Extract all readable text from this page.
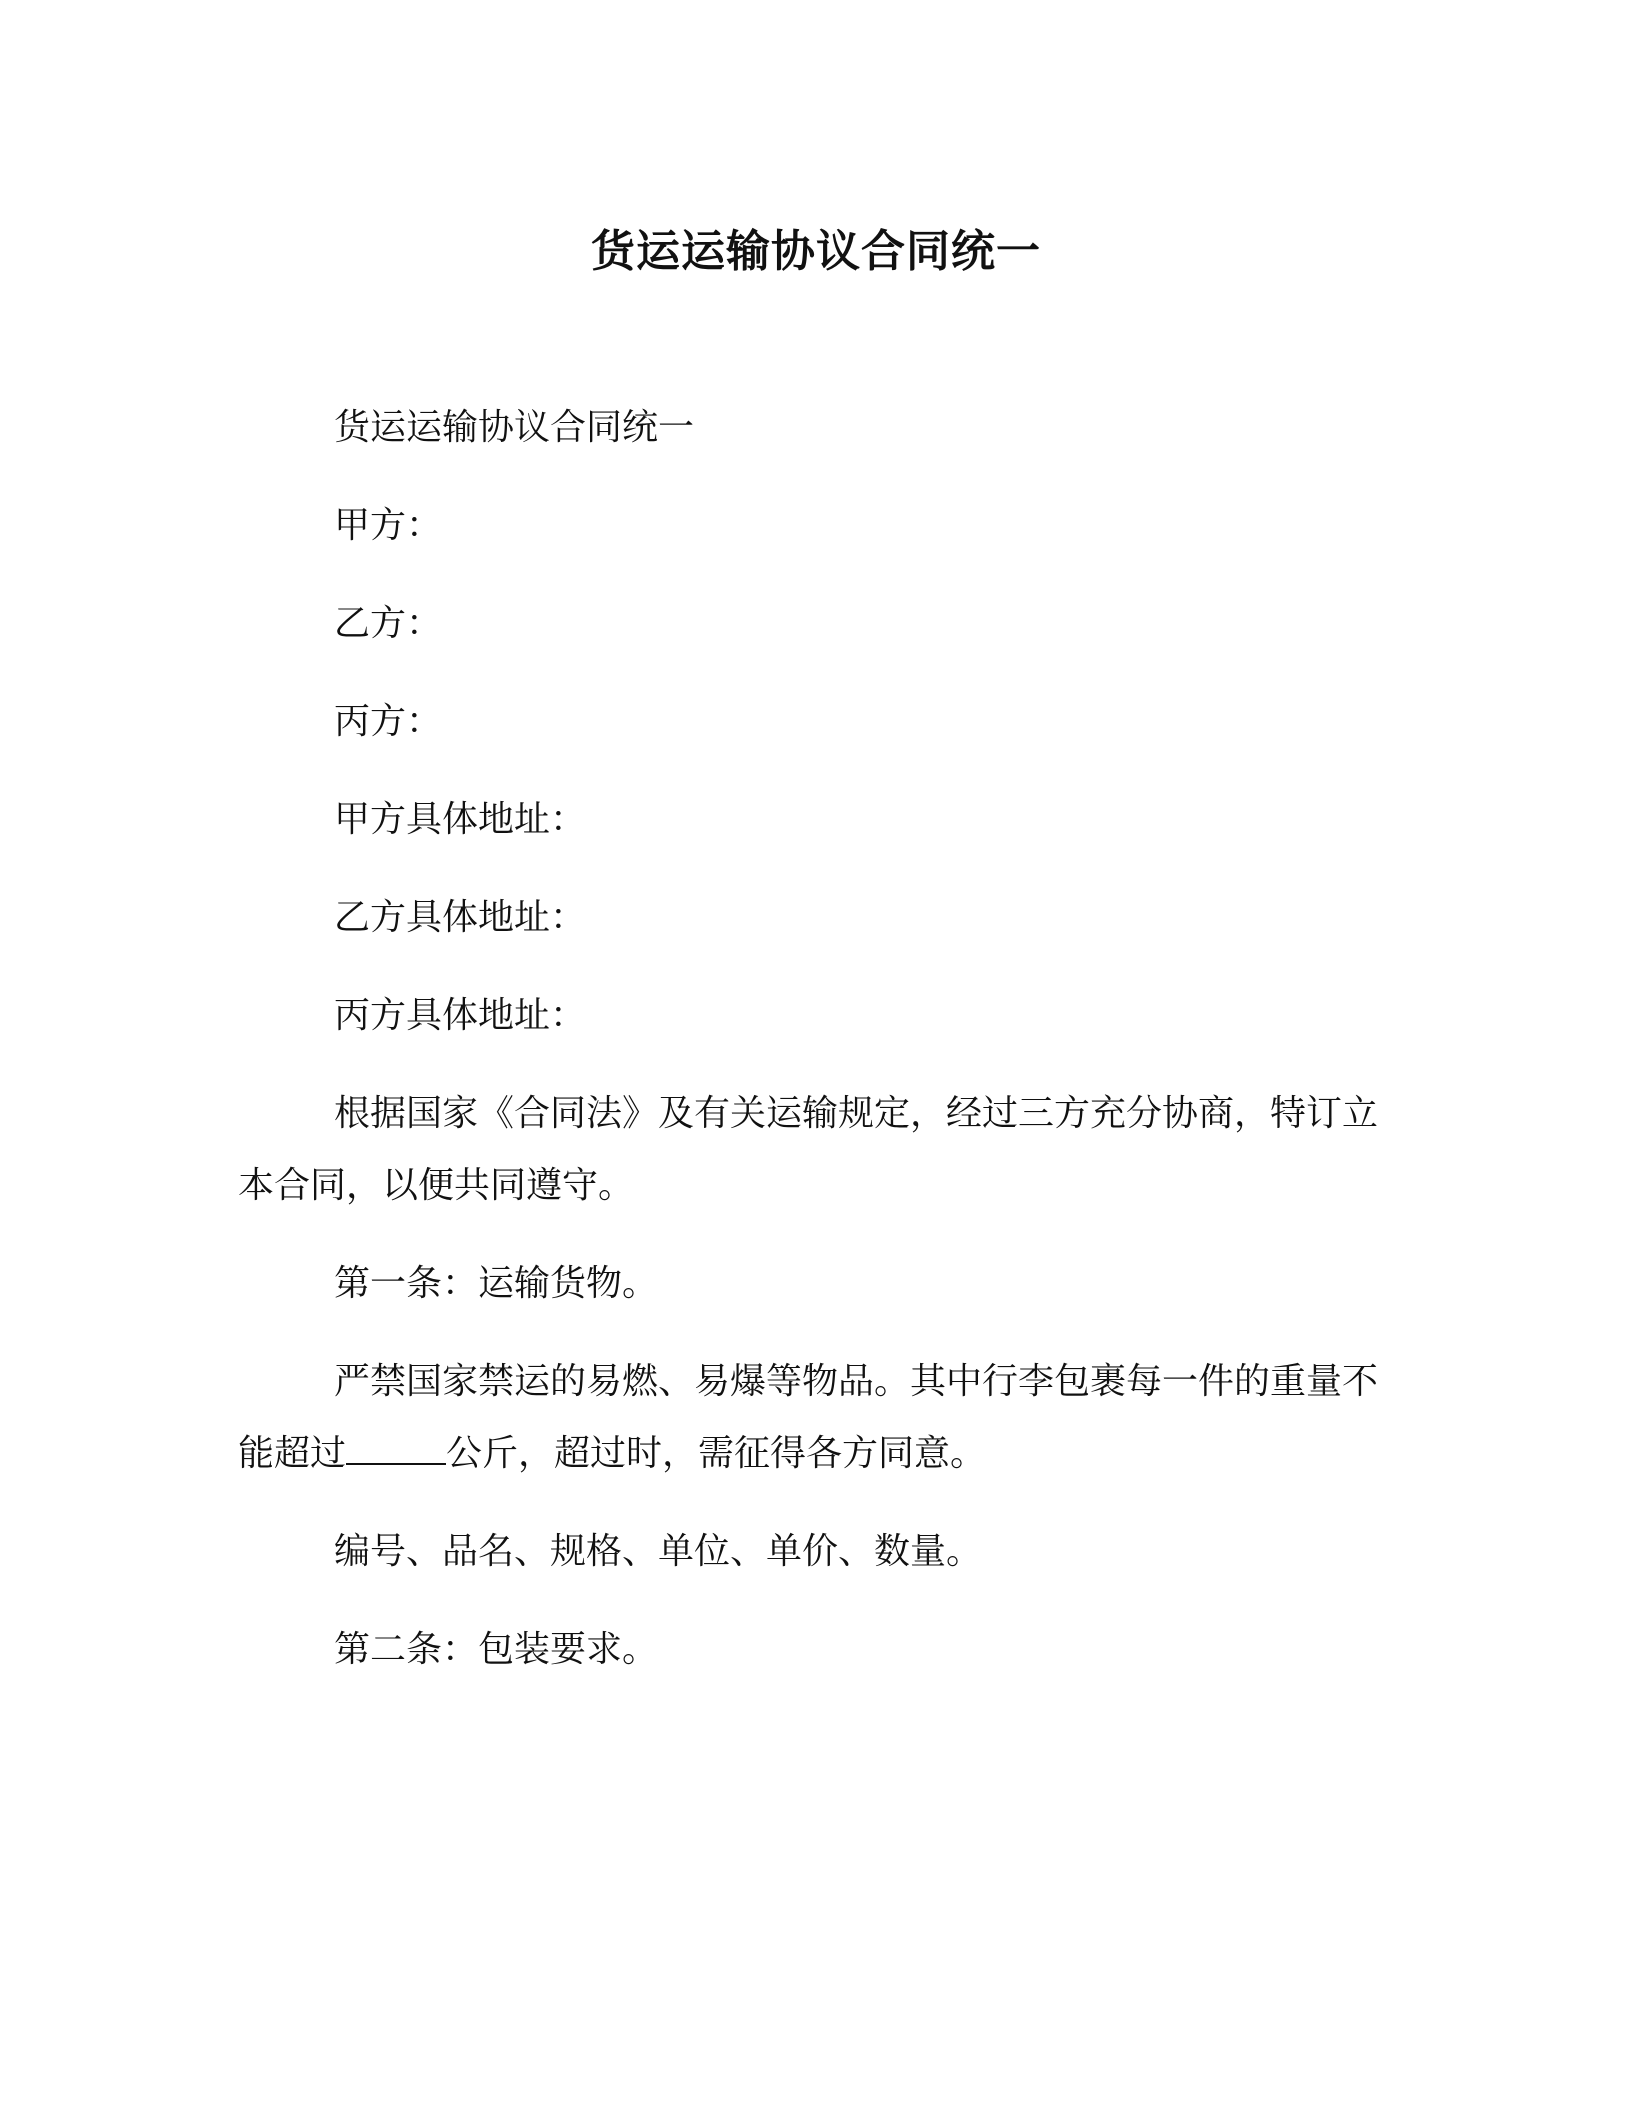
货运运输协议合同统一

货运运输协议合同统一

甲方：

乙方：

丙方：

甲方具体地址：

乙方具体地址：

丙方具体地址：

根据国家《合同法》及有关运输规定，经过三方充分协商，特订立本合同，以便共同遵守。

第一条：运输货物。

严禁国家禁运的易燃、易爆等物品。其中行李包裹每一件的重量不能超过	公斤，超过时，需征得各方同意。

编号、品名、规格、单位、单价、数量。

第二条：包装要求。
